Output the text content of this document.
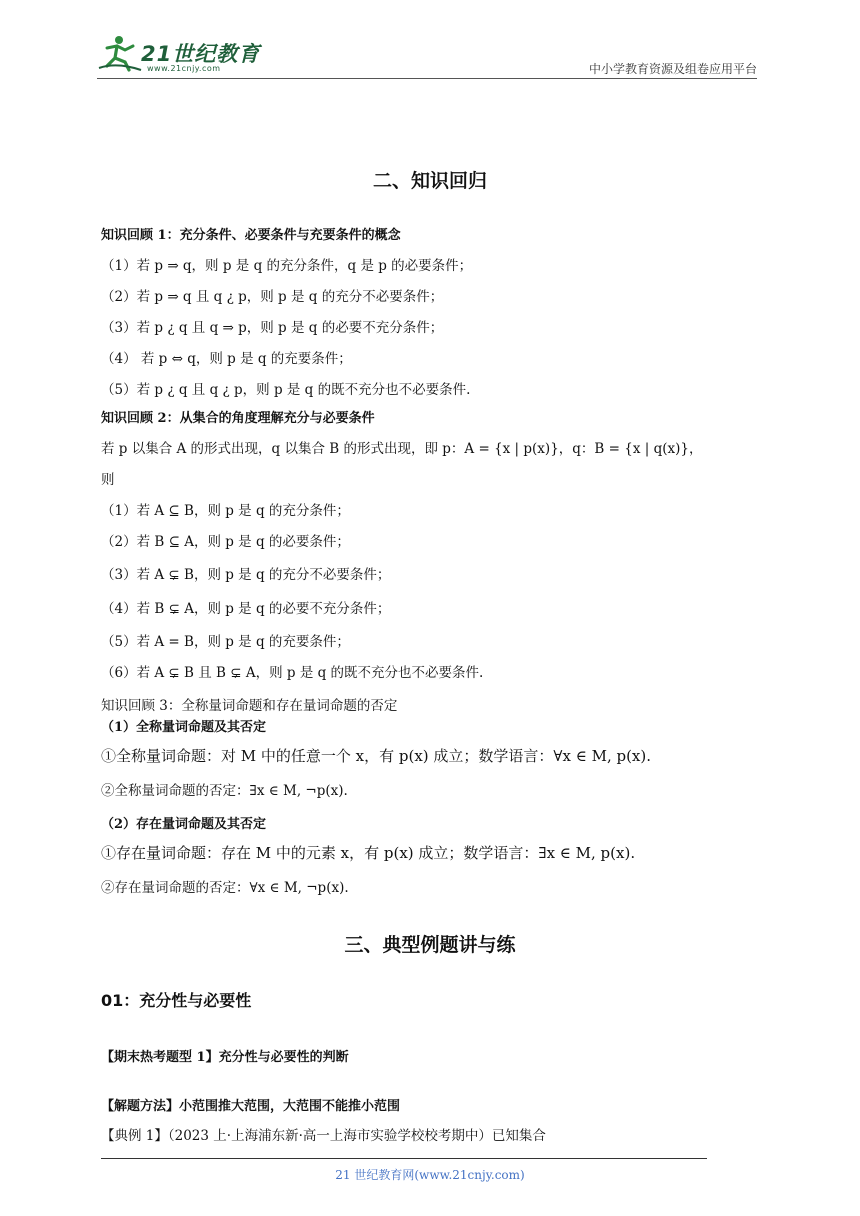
21世纪教育
www.21cnjy.com	中小学教育资源及组卷应用平台
二、知识回归
知识回顾 1：充分条件、必要条件与充要条件的概念
（1）若 p ⇒ q，则 p 是 q 的充分条件，q 是 p 的必要条件；
（2）若 p ⇒ q 且 q ¿ p，则 p 是 q 的充分不必要条件；
（3）若 p ¿ q 且 q ⇒ p，则 p 是 q 的必要不充分条件；
（4） 若 p ⇔ q，则 p 是 q 的充要条件；
（5）若 p ¿ q 且 q ¿ p，则 p 是 q 的既不充分也不必要条件.
知识回顾 2：从集合的角度理解充分与必要条件
若 p 以集合 A 的形式出现，q 以集合 B 的形式出现，即 p：A = {x | p(x)}，q：B = {x | q(x)}，
则
（1）若 A ⊆ B，则 p 是 q 的充分条件；
（2）若 B ⊆ A，则 p 是 q 的必要条件；
（3）若 A ⊊ B，则 p 是 q 的充分不必要条件；
（4）若 B ⊊ A，则 p 是 q 的必要不充分条件；
（5）若 A = B，则 p 是 q 的充要条件；
（6）若 A ⊊ B 且 B ⊊ A，则 p 是 q 的既不充分也不必要条件.
知识回顾 3：全称量词命题和存在量词命题的否定
（1）全称量词命题及其否定
①全称量词命题：对 M 中的任意一个 x，有 p(x) 成立；数学语言：∀x ∈ M, p(x).
②全称量词命题的否定：∃x ∈ M, ¬p(x).
（2）存在量词命题及其否定
①存在量词命题：存在 M 中的元素 x，有 p(x) 成立；数学语言：∃x ∈ M, p(x).
②存在量词命题的否定：∀x ∈ M, ¬p(x).
三、典型例题讲与练
01：充分性与必要性
【期末热考题型 1】充分性与必要性的判断
【解题方法】小范围推大范围，大范围不能推小范围
【典例 1】（2023 上·上海浦东新·高一上海市实验学校校考期中）已知集合
21 世纪教育网(www.21cnjy.com)
